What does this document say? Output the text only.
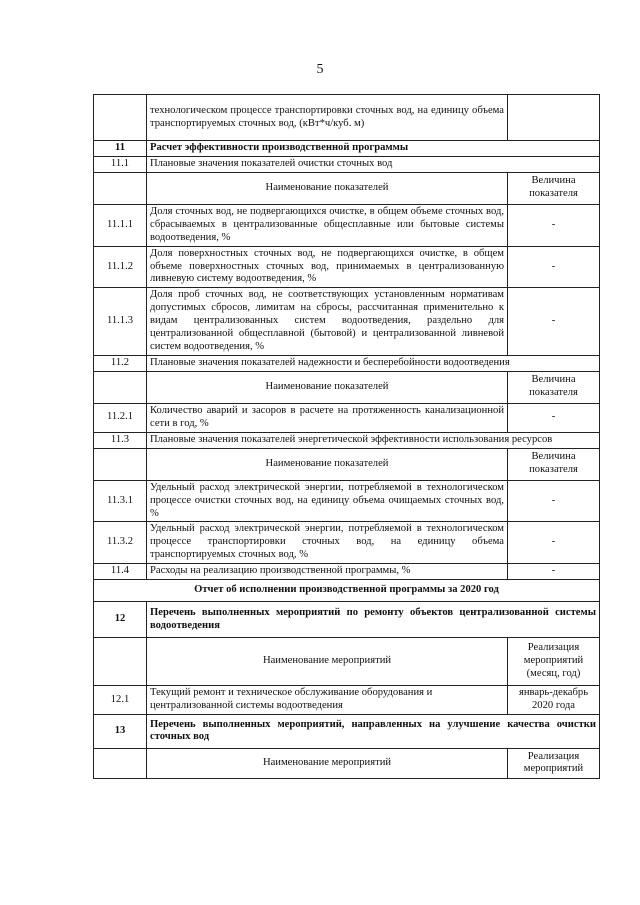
5
	технологическом процессе транспортировки сточных вод, на единицу объема транспортируемых сточных вод, (кВт*ч/куб. м)	
11	Расчет эффективности производственной программы	
11.1	Плановые значения показателей очистки сточных вод	
	Наименование показателей	Величина показателя
11.1.1	Доля сточных вод, не подвергающихся очистке, в общем объеме сточных вод, сбрасываемых в централизованные общесплавные или бытовые системы водоотведения, %	-
11.1.2	Доля поверхностных сточных вод, не подвергающихся очистке, в общем объеме поверхностных сточных вод, принимаемых в централизованную ливневую систему водоотведения, %	-
11.1.3	Доля проб сточных вод, не соответствующих установленным нормативам допустимых сбросов, лимитам на сбросы, рассчитанная применительно к видам централизованных систем водоотведения, раздельно для централизованной общесплавной (бытовой) и централизованной ливневой систем водоотведения, %	-
11.2	Плановые значения показателей надежности и бесперебойности водоотведения	
	Наименование показателей	Величина показателя
11.2.1	Количество аварий и засоров в расчете на протяженность канализационной сети в год, %	-
11.3	Плановые значения показателей энергетической эффективности использования ресурсов	
	Наименование показателей	Величина показателя
11.3.1	Удельный расход электрической энергии, потребляемой в технологическом процессе очистки сточных вод, на единицу объема очищаемых сточных вод, %	-
11.3.2	Удельный расход электрической энергии, потребляемой в технологическом процессе транспортировки сточных вод, на единицу объема транспортируемых сточных вод, %	-
11.4	Расходы на реализацию производственной программы, %	-
Отчет об исполнении производственной программы за 2020 год		
12	Перечень выполненных мероприятий по ремонту объектов централизованной системы водоотведения	
	Наименование мероприятий	Реализация мероприятий (месяц, год)
12.1	Текущий ремонт и техническое обслуживание оборудования и централизованной системы водоотведения	январь-декабрь 2020 года
13	Перечень выполненных мероприятий, направленных на улучшение качества очистки сточных вод	
	Наименование мероприятий	Реализация мероприятий
